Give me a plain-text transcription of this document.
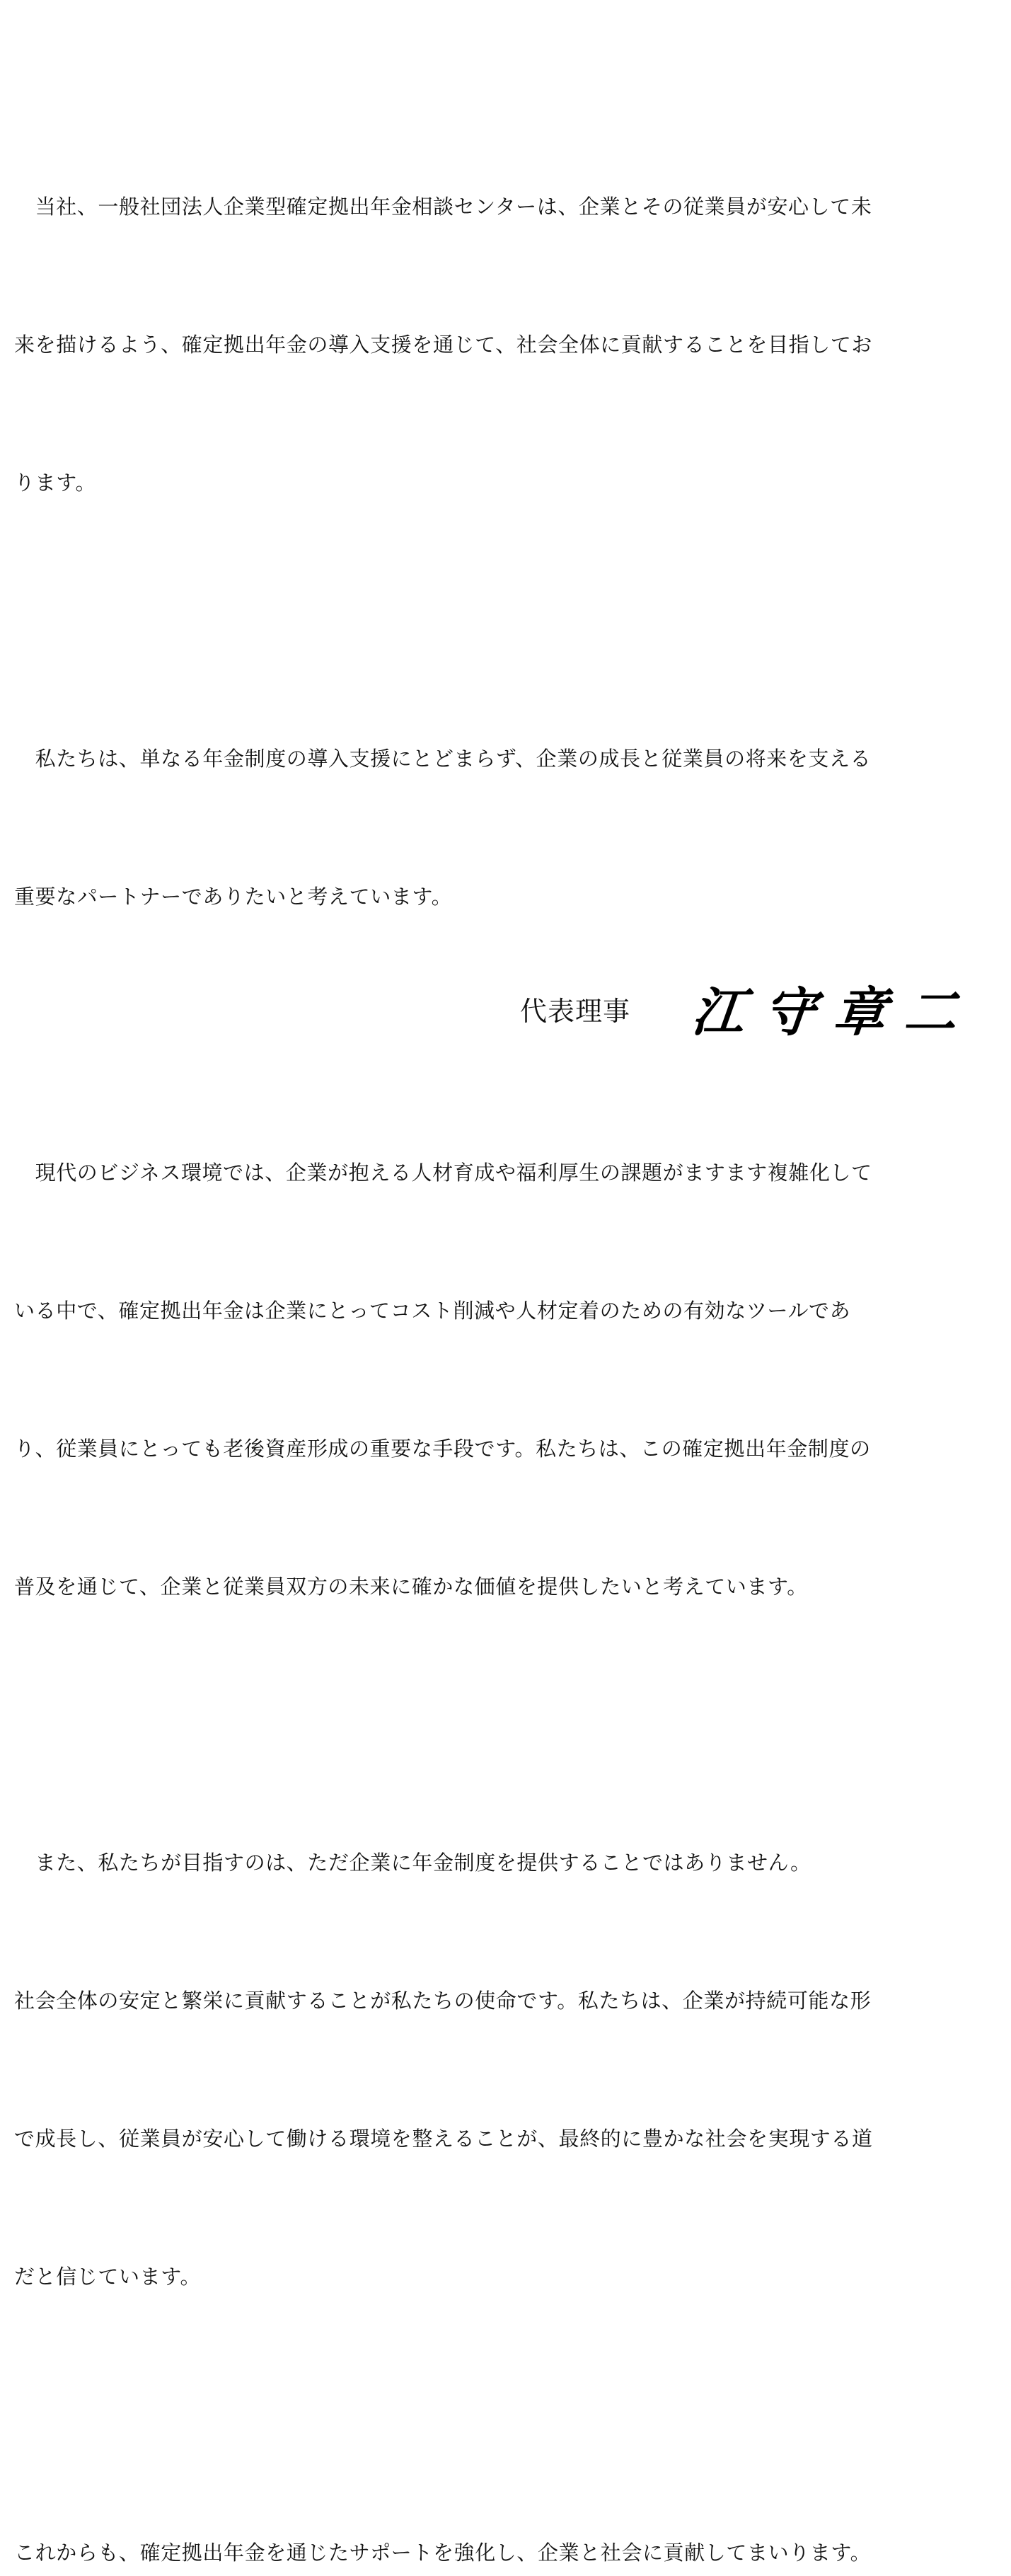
　当社、一般社団法人企業型確定拠出年金相談センターは、企業とその従業員が安心して未

来を描けるよう、確定拠出年金の導入支援を通じて、社会全体に貢献することを目指してお

ります。

　私たちは、単なる年金制度の導入支援にとどまらず、企業の成長と従業員の将来を支える

重要なパートナーでありたいと考えています。

　現代のビジネス環境では、企業が抱える人材育成や福利厚生の課題がますます複雑化して

いる中で、確定拠出年金は企業にとってコスト削減や人材定着のための有効なツールであ

り、従業員にとっても老後資産形成の重要な手段です。私たちは、この確定拠出年金制度の

普及を通じて、企業と従業員双方の未来に確かな価値を提供したいと考えています。

　また、私たちが目指すのは、ただ企業に年金制度を提供することではありません。

社会全体の安定と繁栄に貢献することが私たちの使命です。私たちは、企業が持続可能な形

で成長し、従業員が安心して働ける環境を整えることが、最終的に豊かな社会を実現する道

だと信じています。

これからも、確定拠出年金を通じたサポートを強化し、企業と社会に貢献してまいります。

代表理事 江守章二
